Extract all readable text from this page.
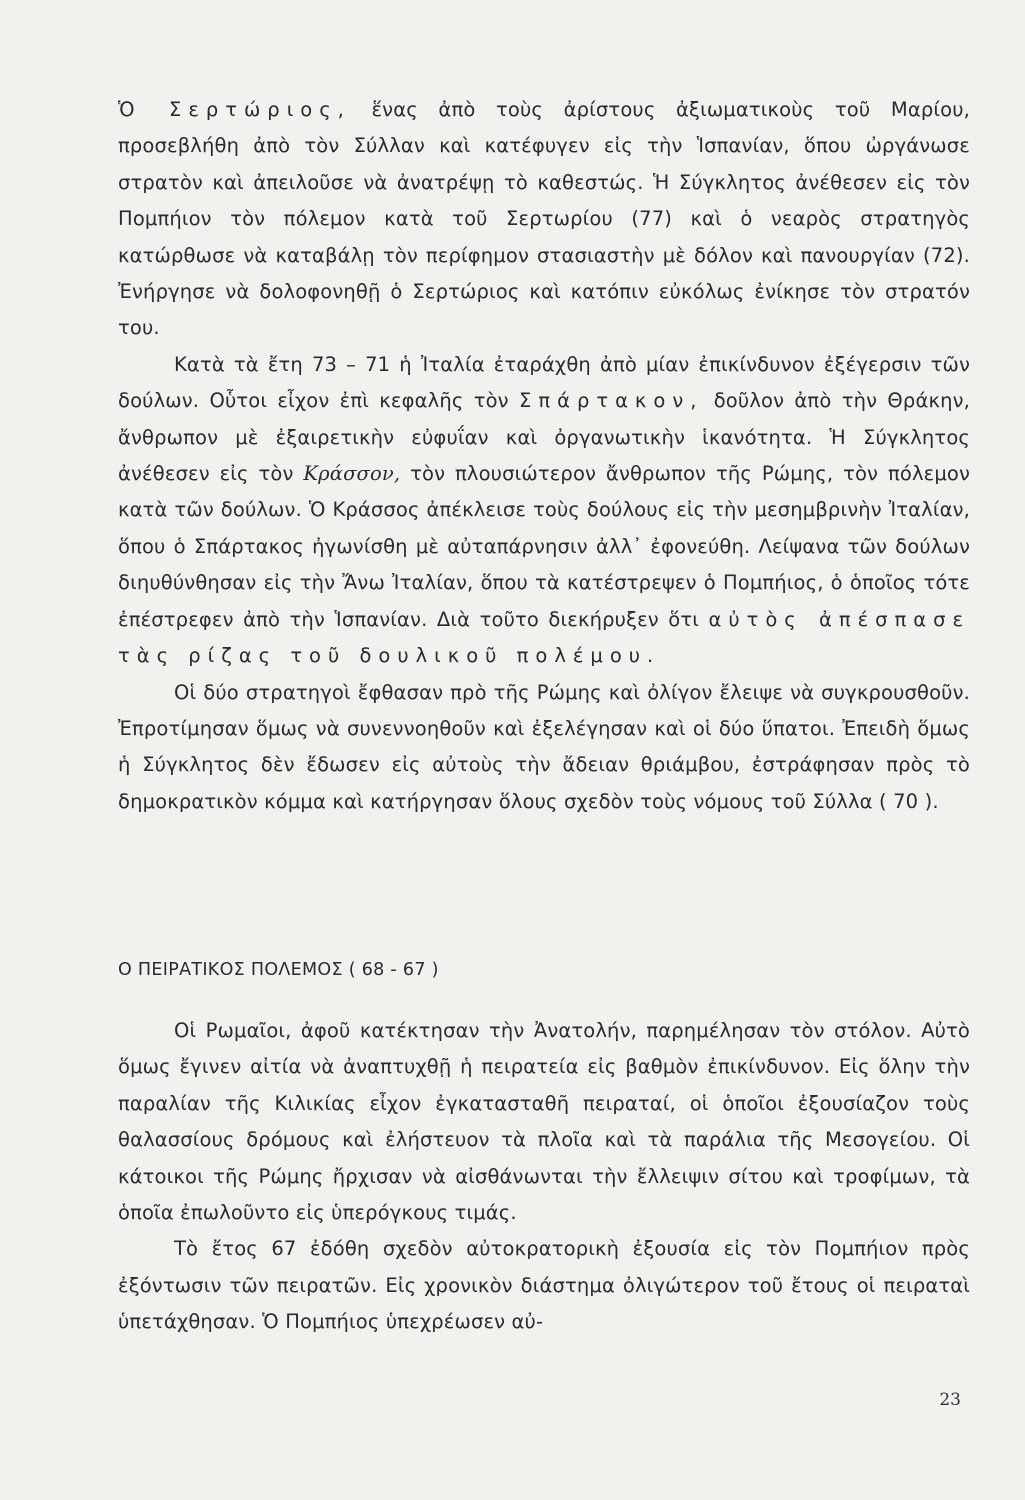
Ὁ Σερτώριος, ἕνας ἀπὸ τοὺς ἀρίστους ἀξιωματικοὺς τοῦ Μαρίου, προσεβλήθη ἀπὸ τὸν Σύλλαν καὶ κατέφυγεν εἰς τὴν Ἱσπανίαν, ὅπου ὠργάνωσε στρατὸν καὶ ἀπειλοῦσε νὰ ἀνατρέψῃ τὸ καθεστώς. Ἡ Σύγκλητος ἀνέθεσεν εἰς τὸν Πομπήιον τὸν πόλεμον κατὰ τοῦ Σερτωρίου (77) καὶ ὁ νεαρὸς στρατηγὸς κατώρθωσε νὰ καταβάλῃ τὸν περίφημον στασιαστὴν μὲ δόλον καὶ πανουργίαν (72). Ἐνήργησε νὰ δολοφονηθῇ ὁ Σερτώριος καὶ κατόπιν εὐκόλως ἐνίκησε τὸν στρατόν του.

Κατὰ τὰ ἔτη 73 – 71 ἡ Ἰταλία ἐταράχθη ἀπὸ μίαν ἐπικίνδυνον ἐξέγερσιν τῶν δούλων. Οὗτοι εἶχον ἐπὶ κεφαλῆς τὸν Σπάρτακον, δοῦλον ἀπὸ τὴν Θράκην, ἄνθρωπον μὲ ἐξαιρετικὴν εὐφυΐαν καὶ ὀργανωτικὴν ἱκανότητα. Ἡ Σύγκλητος ἀνέθεσεν εἰς τὸν Κράσσον, τὸν πλουσιώτερον ἄνθρωπον τῆς Ρώμης, τὸν πόλεμον κατὰ τῶν δούλων. Ὁ Κράσσος ἀπέκλεισε τοὺς δούλους εἰς τὴν μεσημβρινὴν Ἰταλίαν, ὅπου ὁ Σπάρτακος ἠγωνίσθη μὲ αὐταπάρνησιν ἀλλ᾽ ἐφονεύθη. Λείψανα τῶν δούλων διηυθύνθησαν εἰς τὴν Ἄνω Ἰταλίαν, ὅπου τὰ κατέστρεψεν ὁ Πομπήιος, ὁ ὁποῖος τότε ἐπέστρεφεν ἀπὸ τὴν Ἱσπανίαν. Διὰ τοῦτο διεκήρυξεν ὅτι αὐτὸς ἀπέσπασε τὰς ρίζας τοῦ δουλικοῦ πολέμου.

Οἱ δύο στρατηγοὶ ἔφθασαν πρὸ τῆς Ρώμης καὶ ὀλίγον ἔλειψε νὰ συγκρουσθοῦν. Ἐπροτίμησαν ὅμως νὰ συνεννοηθοῦν καὶ ἐξελέγησαν καὶ οἱ δύο ὕπατοι. Ἐπειδὴ ὅμως ἡ Σύγκλητος δὲν ἔδωσεν εἰς αὐτοὺς τὴν ἄδειαν θριάμβου, ἐστράφησαν πρὸς τὸ δημοκρατικὸν κόμμα καὶ κατήργησαν ὅλους σχεδὸν τοὺς νόμους τοῦ Σύλλα ( 70 ).

Ο ΠΕΙΡΑΤΙΚΟΣ ΠΟΛΕΜΟΣ ( 68 - 67 )

Οἱ Ρωμαῖοι, ἀφοῦ κατέκτησαν τὴν Ἀνατολήν, παρημέλησαν τὸν στόλον. Αὐτὸ ὅμως ἔγινεν αἰτία νὰ ἀναπτυχθῇ ἡ πειρατεία εἰς βαθμὸν ἐπικίνδυνον. Εἰς ὅλην τὴν παραλίαν τῆς Κιλικίας εἶχον ἐγκατασταθῆ πειραταί, οἱ ὁποῖοι ἐξουσίαζον τοὺς θαλασσίους δρόμους καὶ ἐλήστευον τὰ πλοῖα καὶ τὰ παράλια τῆς Μεσογείου. Οἱ κάτοικοι τῆς Ρώμης ἤρχισαν νὰ αἰσθάνωνται τὴν ἔλλειψιν σίτου καὶ τροφίμων, τὰ ὁποῖα ἐπωλοῦντο εἰς ὑπερόγκους τιμάς.

Τὸ ἔτος 67 ἐδόθη σχεδὸν αὐτοκρατορικὴ ἐξουσία εἰς τὸν Πομπήιον πρὸς ἐξόντωσιν τῶν πειρατῶν. Εἰς χρονικὸν διάστημα ὀλιγώτερον τοῦ ἔτους οἱ πειραταὶ ὑπετάχθησαν. Ὁ Πομπήιος ὑπεχρέωσεν αὐ-

23
